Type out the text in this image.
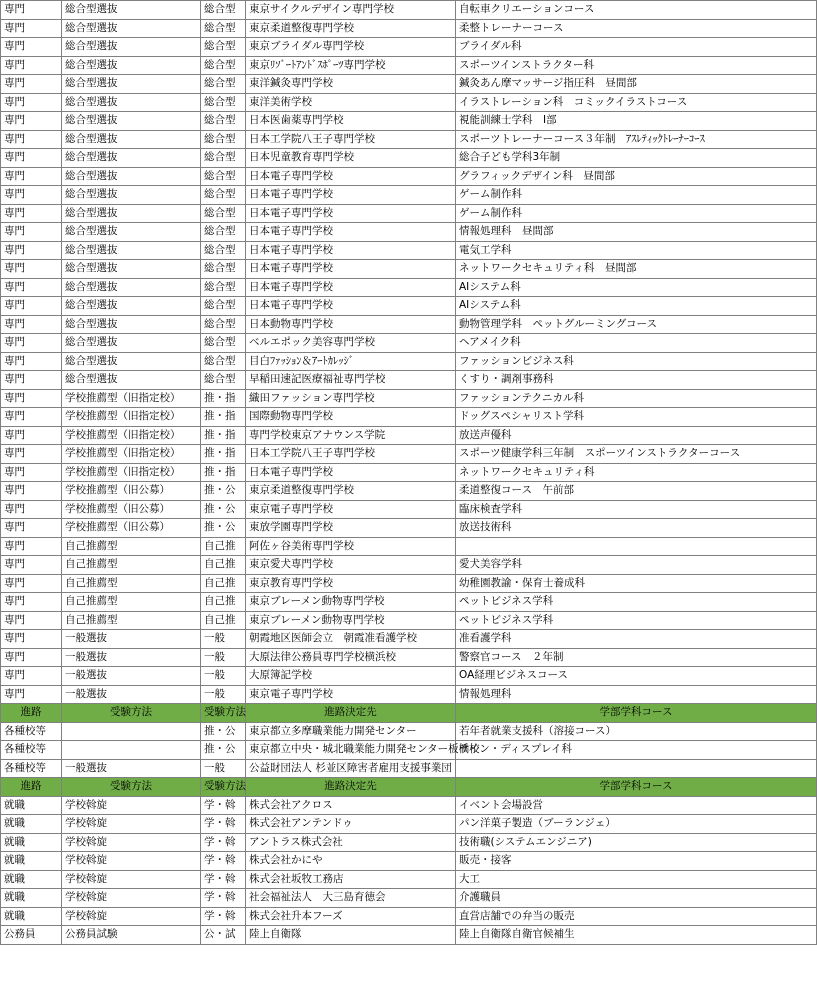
専門	総合型選抜	総合型	東京サイクルデザイン専門学校	自転車クリエーションコース
専門	総合型選抜	総合型	東京柔道整復専門学校	柔整トレーナーコース
専門	総合型選抜	総合型	東京ブライダル専門学校	ブライダル科
専門	総合型選抜	総合型	東京ﾘｿﾞｰﾄｱﾝﾄﾞｽﾎﾟｰﾂ専門学校	スポーツインストラクター科
専門	総合型選抜	総合型	東洋鍼灸専門学校	鍼灸あん摩マッサージ指圧科　昼間部
専門	総合型選抜	総合型	東洋美術学校	イラストレーション科　コミックイラストコース
専門	総合型選抜	総合型	日本医歯薬専門学校	視能訓練士学科　Ⅰ部
専門	総合型選抜	総合型	日本工学院八王子専門学校	スポーツトレーナーコース３年制　ｱｽﾚﾃｨｯｸﾄﾚｰﾅｰｺｰｽ
専門	総合型選抜	総合型	日本児童教育専門学校	総合子ども学科3年制
専門	総合型選抜	総合型	日本電子専門学校	グラフィックデザイン科　昼間部
専門	総合型選抜	総合型	日本電子専門学校	ゲーム制作科
専門	総合型選抜	総合型	日本電子専門学校	ゲーム制作科
専門	総合型選抜	総合型	日本電子専門学校	情報処理科　昼間部
専門	総合型選抜	総合型	日本電子専門学校	電気工学科
専門	総合型選抜	総合型	日本電子専門学校	ネットワークセキュリティ科　昼間部
専門	総合型選抜	総合型	日本電子専門学校	AIシステム科
専門	総合型選抜	総合型	日本電子専門学校	AIシステム科
専門	総合型選抜	総合型	日本動物専門学校	動物管理学科　ペットグルーミングコース
専門	総合型選抜	総合型	ベルエポック美容専門学校	ヘアメイク科
専門	総合型選抜	総合型	目白ﾌｧｯｼｮﾝ＆ｱｰﾄｶﾚｯｼﾞ	ファッションビジネス科
専門	総合型選抜	総合型	早稲田速記医療福祉専門学校	くすり・調剤事務科
専門	学校推薦型（旧指定校）	推・指	織田ファッション専門学校	ファッションテクニカル科
専門	学校推薦型（旧指定校）	推・指	国際動物専門学校	ドッグスペシャリスト学科
専門	学校推薦型（旧指定校）	推・指	専門学校東京アナウンス学院	放送声優科
専門	学校推薦型（旧指定校）	推・指	日本工学院八王子専門学校	スポーツ健康学科三年制　スポーツインストラクターコース
専門	学校推薦型（旧指定校）	推・指	日本電子専門学校	ネットワークセキュリティ科
専門	学校推薦型（旧公募）	推・公	東京柔道整復専門学校	柔道整復コース　午前部
専門	学校推薦型（旧公募）	推・公	東京電子専門学校	臨床検査学科
専門	学校推薦型（旧公募）	推・公	東放学園専門学校	放送技術科
専門	自己推薦型	自己推	阿佐ヶ谷美術専門学校	
専門	自己推薦型	自己推	東京愛犬専門学校	愛犬美容学科
専門	自己推薦型	自己推	東京教育専門学校	幼稚園教諭・保育士養成科
専門	自己推薦型	自己推	東京ブレーメン動物専門学校	ペットビジネス学科
専門	自己推薦型	自己推	東京ブレーメン動物専門学校	ペットビジネス学科
専門	一般選抜	一般	朝霞地区医師会立　朝霞准看護学校	准看護学科
専門	一般選抜	一般	大原法律公務員専門学校横浜校	警察官コース　２年制
専門	一般選抜	一般	大原簿記学校	OA経理ビジネスコース
専門	一般選抜	一般	東京電子専門学校	情報処理科
進路	受験方法	受験方法	進路決定先	学部学科コース
各種校等		推・公	東京都立多摩職業能力開発センター	若年者就業支援科（溶接コース）
各種校等		推・公	東京都立中央・城北職業能力開発センター板橋校	サイン・ディスプレイ科
各種校等	一般選抜	一般	公益財団法人 杉並区障害者雇用支援事業団	
進路	受験方法	受験方法	進路決定先	学部学科コース
就職	学校斡旋	学・斡	株式会社アクロス	イベント会場設営
就職	学校斡旋	学・斡	株式会社アンテンドゥ	パン洋菓子製造（ブーランジェ）
就職	学校斡旋	学・斡	アントラス株式会社	技術職(システムエンジニア)
就職	学校斡旋	学・斡	株式会社かにや	販売・接客
就職	学校斡旋	学・斡	株式会社坂牧工務店	大工
就職	学校斡旋	学・斡	社会福祉法人　大三島育徳会	介護職員
就職	学校斡旋	学・斡	株式会社升本フーズ	直営店舗での弁当の販売
公務員	公務員試験	公・試	陸上自衛隊	陸上自衛隊自衛官候補生
